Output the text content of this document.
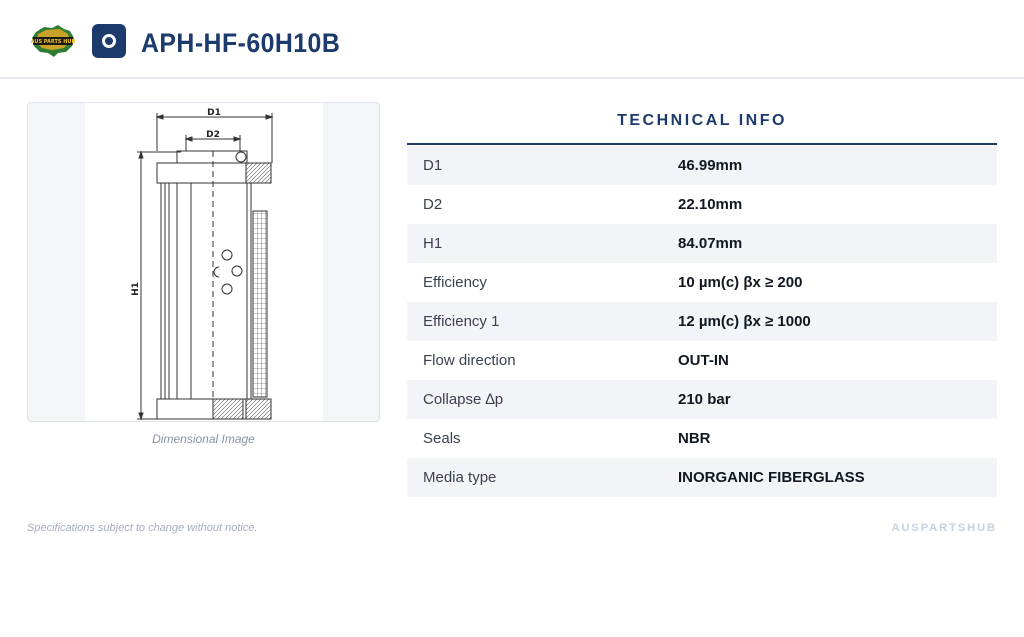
AUS PARTS HUB APH-HF-60H10B
D1
D2
H1
Dimensional Image
TECHNICAL INFO
D1	46.99mm
D2	22.10mm
H1	84.07mm
Efficiency	10 µm(c) βx ≥ 200
Efficiency 1	12 µm(c) βx ≥ 1000
Flow direction	OUT-IN
Collapse ∆p	210 bar
Seals	NBR
Media type	INORGANIC FIBERGLASS
Specifications subject to change without notice.	AUSPARTSHUB
